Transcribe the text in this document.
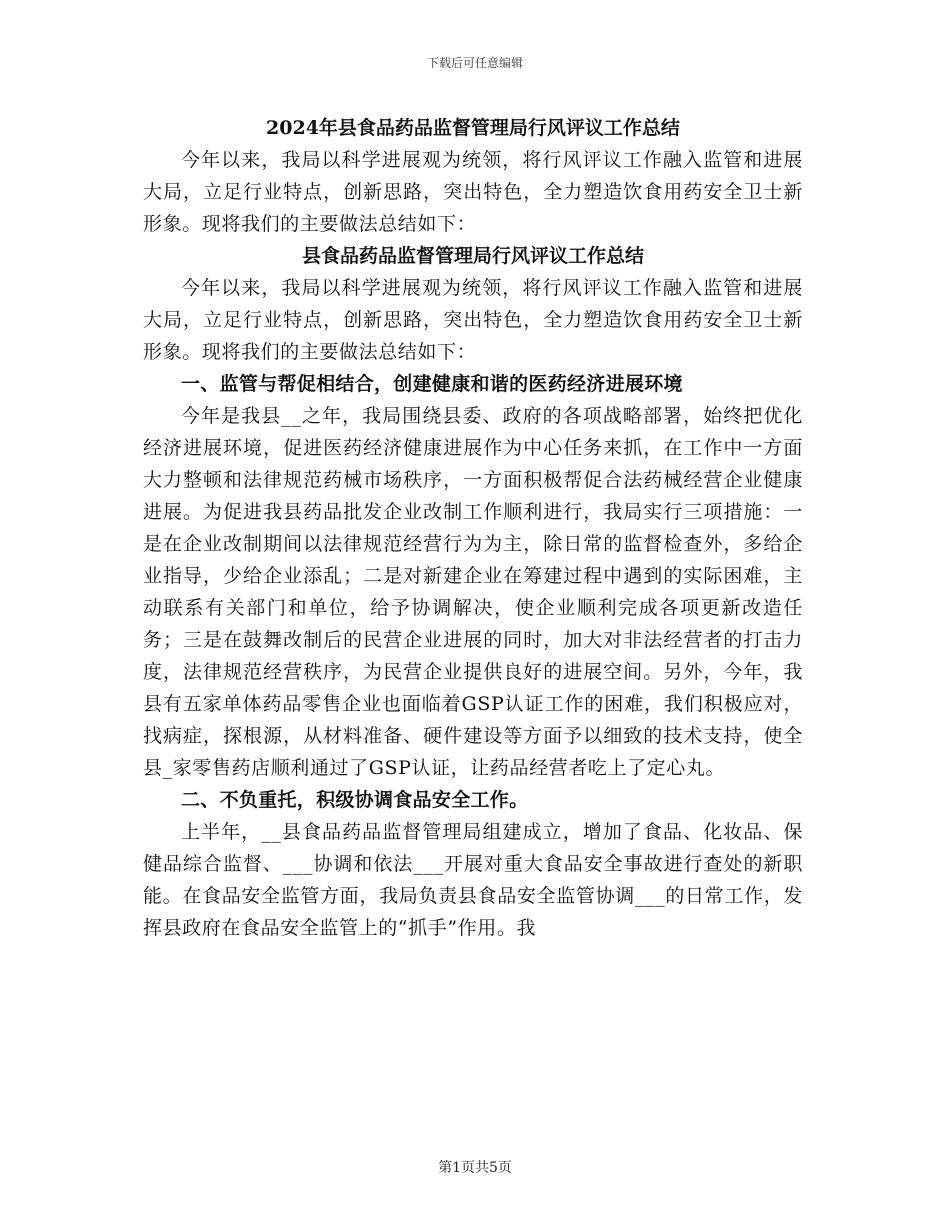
下载后可任意编辑

2024年县食品药品监督管理局行风评议工作总结

今年以来，我局以科学进展观为统领，将行风评议工作融入监管和进展大局，立足行业特点，创新思路，突出特色，全力塑造饮食用药安全卫士新形象。现将我们的主要做法总结如下：

县食品药品监督管理局行风评议工作总结

今年以来，我局以科学进展观为统领，将行风评议工作融入监管和进展大局，立足行业特点，创新思路，突出特色，全力塑造饮食用药安全卫士新形象。现将我们的主要做法总结如下：

一、监管与帮促相结合，创建健康和谐的医药经济进展环境

今年是我县__之年，我局围绕县委、政府的各项战略部署，始终把优化经济进展环境，促进医药经济健康进展作为中心任务来抓，在工作中一方面大力整顿和法律规范药械市场秩序，一方面积极帮促合法药械经营企业健康进展。为促进我县药品批发企业改制工作顺利进行，我局实行三项措施：一是在企业改制期间以法律规范经营行为为主，除日常的监督检查外，多给企业指导，少给企业添乱；二是对新建企业在筹建过程中遇到的实际困难，主动联系有关部门和单位，给予协调解决，使企业顺利完成各项更新改造任务；三是在鼓舞改制后的民营企业进展的同时，加大对非法经营者的打击力度，法律规范经营秩序，为民营企业提供良好的进展空间。另外，今年，我县有五家单体药品零售企业也面临着GSP认证工作的困难，我们积极应对，找病症，探根源，从材料准备、硬件建设等方面予以细致的技术支持，使全县_家零售药店顺利通过了GSP认证，让药品经营者吃上了定心丸。

二、不负重托，积级协调食品安全工作。

上半年，__县食品药品监督管理局组建成立，增加了食品、化妆品、保健品综合监督、___协调和依法___开展对重大食品安全事故进行查处的新职能。在食品安全监管方面，我局负责县食品安全监管协调___的日常工作，发挥县政府在食品安全监管上的“抓手”作用。我

第1页共5页
